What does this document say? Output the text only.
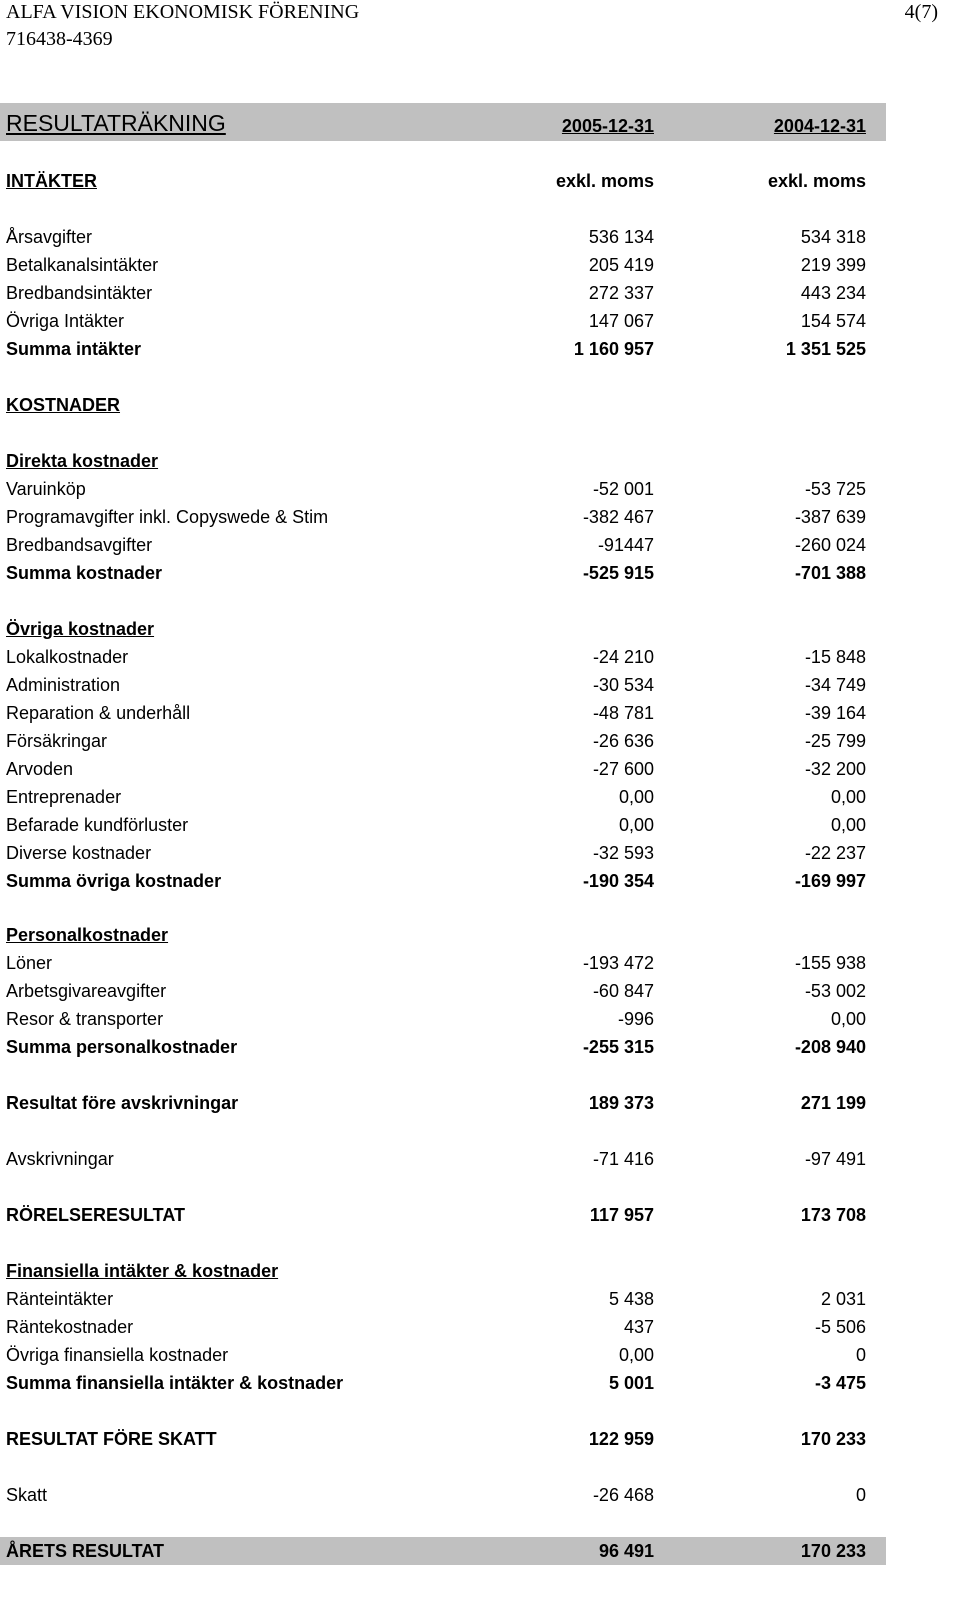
ALFA VISION EKONOMISK FÖRENING
716438-4369
4(7)
RESULTATRÄKNING	2005-12-31	2004-12-31
INTÄKTER	exkl. moms	exkl. moms
Årsavgifter	536 134	534 318
Betalkanalsintäkter	205 419	219 399
Bredbandsintäkter	272 337	443 234
Övriga Intäkter	147 067	154 574
Summa intäkter	1 160 957	1 351 525
KOSTNADER
Direkta kostnader
Varuinköp	-52 001	-53 725
Programavgifter inkl. Copyswede & Stim	-382 467	-387 639
Bredbandsavgifter	-91447	-260 024
Summa kostnader	-525 915	-701 388
Övriga kostnader
Lokalkostnader	-24 210	-15 848
Administration	-30 534	-34 749
Reparation & underhåll	-48 781	-39 164
Försäkringar	-26 636	-25 799
Arvoden	-27 600	-32 200
Entreprenader	0,00	0,00
Befarade kundförluster	0,00	0,00
Diverse kostnader	-32 593	-22 237
Summa övriga kostnader	-190 354	-169 997
Personalkostnader
Löner	-193 472	-155 938
Arbetsgivareavgifter	-60 847	-53 002
Resor & transporter	-996	0,00
Summa personalkostnader	-255 315	-208 940
Resultat före avskrivningar	189 373	271 199
Avskrivningar	-71 416	-97 491
RÖRELSERESULTAT	117 957	173 708
Finansiella intäkter & kostnader
Ränteintäkter	5 438	2 031
Räntekostnader	437	-5 506
Övriga finansiella kostnader	0,00	0
Summa finansiella intäkter & kostnader	5 001	-3 475
RESULTAT FÖRE SKATT	122 959	170 233
Skatt	-26 468	0
ÅRETS RESULTAT	96 491	170 233
